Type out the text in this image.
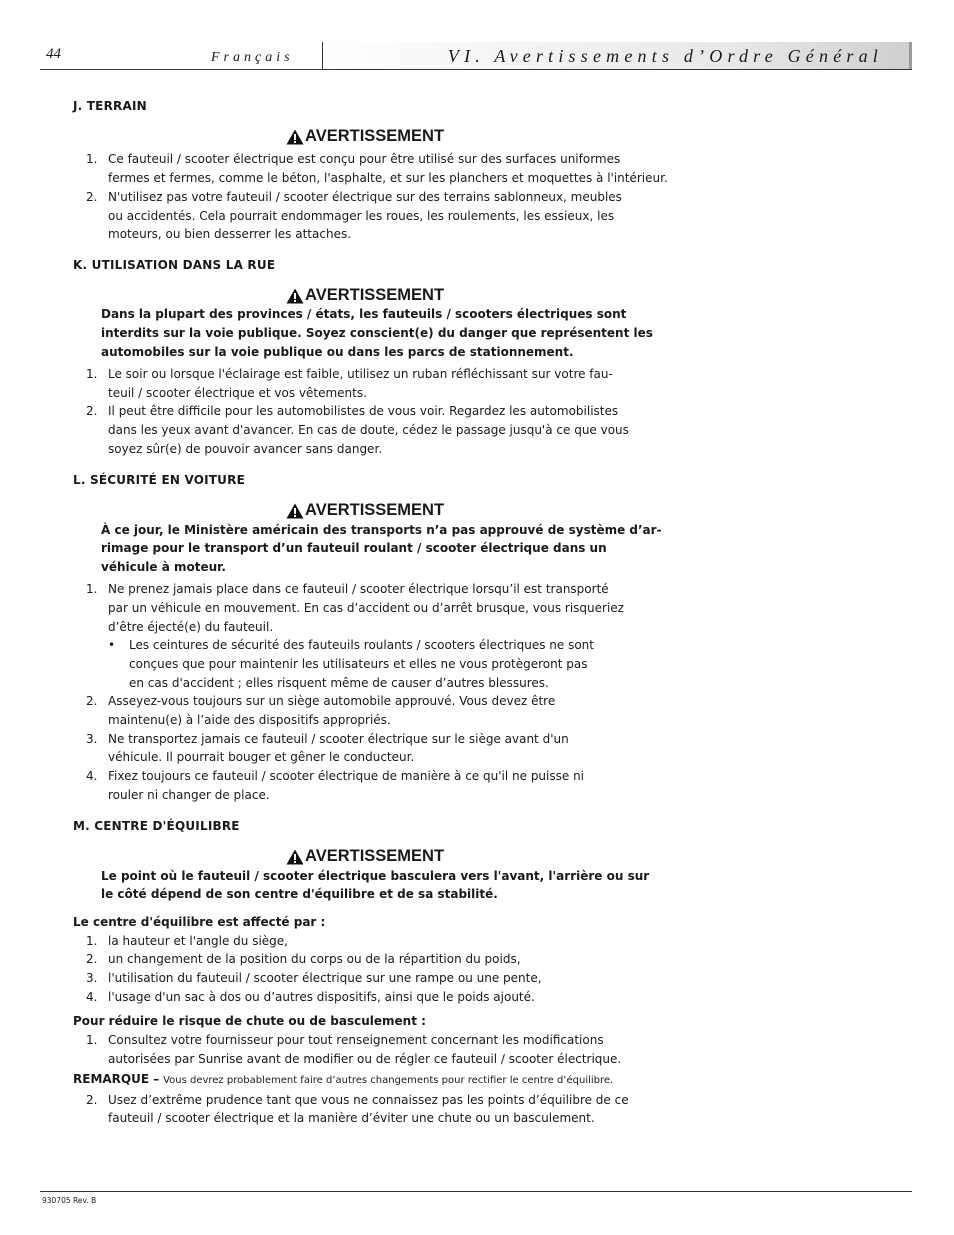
44	Français	VI. Avertissements d’Ordre Général
J. TERRAIN
AVERTISSEMENT
1. Ce fauteuil / scooter électrique est conçu pour être utilisé sur des surfaces uniformes
fermes et fermes, comme le béton, l'asphalte, et sur les planchers et moquettes à l'intérieur.
2. N'utilisez pas votre fauteuil / scooter électrique sur des terrains sablonneux, meubles
ou accidentés. Cela pourrait endommager les roues, les roulements, les essieux, les
moteurs, ou bien desserrer les attaches.
K. UTILISATION DANS LA RUE
AVERTISSEMENT
Dans la plupart des provinces / états, les fauteuils / scooters électriques sont
interdits sur la voie publique. Soyez conscient(e) du danger que représentent les
automobiles sur la voie publique ou dans les parcs de stationnement.
1. Le soir ou lorsque l'éclairage est faible, utilisez un ruban réfléchissant sur votre fau-
teuil / scooter électrique et vos vêtements.
2. Il peut être difficile pour les automobilistes de vous voir. Regardez les automobilistes
dans les yeux avant d'avancer. En cas de doute, cédez le passage jusqu'à ce que vous
soyez sûr(e) de pouvoir avancer sans danger.
L. SÉCURITÉ EN VOITURE
AVERTISSEMENT
À ce jour, le Ministère américain des transports n’a pas approuvé de système d’ar-
rimage pour le transport d’un fauteuil roulant / scooter électrique dans un
véhicule à moteur.
1. Ne prenez jamais place dans ce fauteuil / scooter électrique lorsqu’il est transporté
par un véhicule en mouvement. En cas d’accident ou d’arrêt brusque, vous risqueriez
d’être éjecté(e) du fauteuil.
• Les ceintures de sécurité des fauteuils roulants / scooters électriques ne sont
conçues que pour maintenir les utilisateurs et elles ne vous protègeront pas
en cas d'accident ; elles risquent même de causer d’autres blessures.
2. Asseyez-vous toujours sur un siège automobile approuvé. Vous devez être
maintenu(e) à l’aide des dispositifs appropriés.
3. Ne transportez jamais ce fauteuil / scooter électrique sur le siège avant d'un
véhicule. Il pourrait bouger et gêner le conducteur.
4. Fixez toujours ce fauteuil / scooter électrique de manière à ce qu'il ne puisse ni
rouler ni changer de place.
M. CENTRE D'ÉQUILIBRE
AVERTISSEMENT
Le point où le fauteuil / scooter électrique basculera vers l'avant, l'arrière ou sur
le côté dépend de son centre d'équilibre et de sa stabilité.
Le centre d'équilibre est affecté par :
1. la hauteur et l'angle du siège,
2. un changement de la position du corps ou de la répartition du poids,
3. l'utilisation du fauteuil / scooter électrique sur une rampe ou une pente,
4. l'usage d'un sac à dos ou d’autres dispositifs, ainsi que le poids ajouté.
Pour réduire le risque de chute ou de basculement :
1. Consultez votre fournisseur pour tout renseignement concernant les modifications
autorisées par Sunrise avant de modifier ou de régler ce fauteuil / scooter électrique.
REMARQUE – Vous devrez probablement faire d’autres changements pour rectifier le centre d’équilibre.
2. Usez d’extrême prudence tant que vous ne connaissez pas les points d’équilibre de ce
fauteuil / scooter électrique et la manière d’éviter une chute ou un basculement.
930705 Rev. B
